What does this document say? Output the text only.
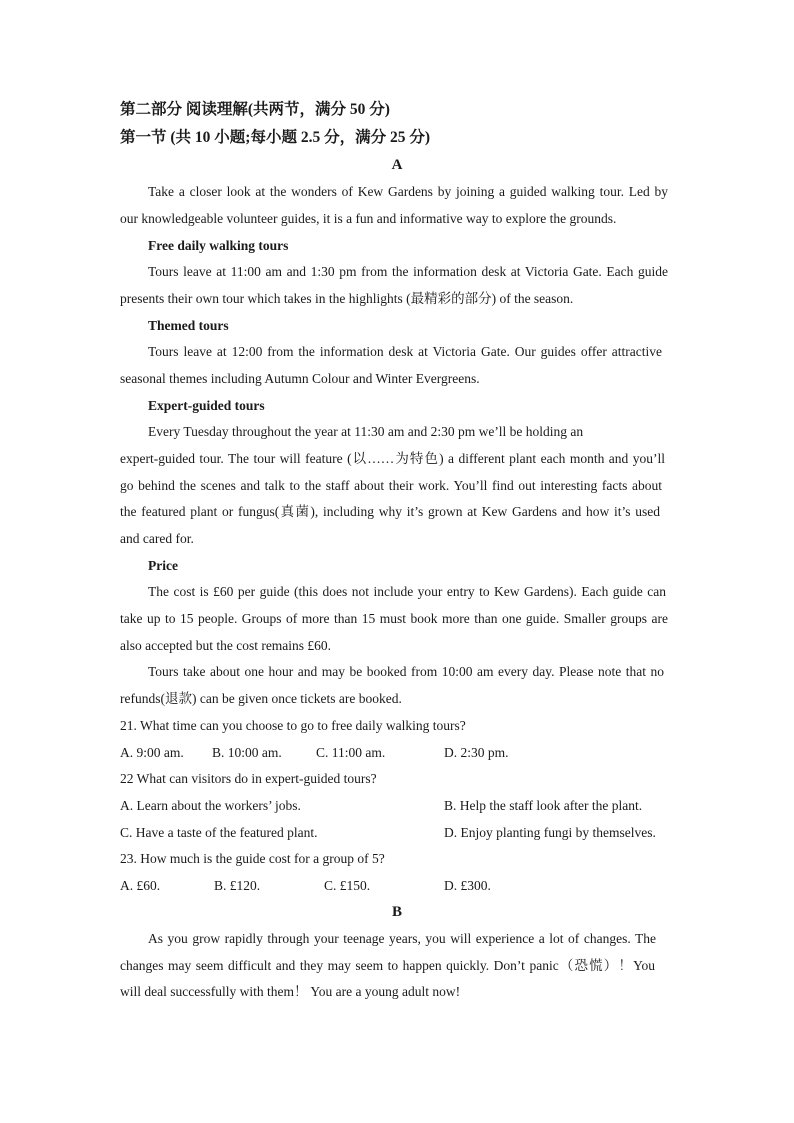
第二部分 阅读理解(共两节，满分 50 分)
第一节 (共 10 小题;每小题 2.5 分，满分 25 分)
A
Take a closer look at the wonders of Kew Gardens by joining a guided walking tour. Led by
our knowledgeable volunteer guides, it is a fun and informative way to explore the grounds.
Free daily walking tours
Tours leave at 11:00 am and 1:30 pm from the information desk at Victoria Gate. Each guide
presents their own tour which takes in the highlights (最精彩的部分) of the season.
Themed tours
Tours leave at 12:00 from the information desk at Victoria Gate. Our guides offer attractive
seasonal themes including Autumn Colour and Winter Evergreens.
Expert-guided tours
Every Tuesday throughout the year at 11:30 am and 2:30 pm we’ll be holding an
expert-guided tour. The tour will feature (以……为特色) a different plant each month and you’ll
go behind the scenes and talk to the staff about their work. You’ll find out interesting facts about
the featured plant or fungus(真菌), including why it’s grown at Kew Gardens and how it’s used
and cared for.
Price
The cost is £60 per guide (this does not include your entry to Kew Gardens). Each guide can
take up to 15 people. Groups of more than 15 must book more than one guide. Smaller groups are
also accepted but the cost remains £60.
Tours take about one hour and may be booked from 10:00 am every day. Please note that no
refunds(退款) can be given once tickets are booked.
21. What time can you choose to go to free daily walking tours?
A. 9:00 am. B. 10:00 am.	C. 11:00 am.	D. 2:30 pm.
22 What can visitors do in expert-guided tours?
A. Learn about the workers’ jobs.	B. Help the staff look after the plant.
C. Have a taste of the featured plant.	D. Enjoy planting fungi by themselves.
23. How much is the guide cost for a group of 5?
A. £60.	B. £120.	C. £150.	D. £300.
B
As you grow rapidly through your teenage years, you will experience a lot of changes. The
changes may seem difficult and they may seem to happen quickly. Don’t panic（恐慌）！You
will deal successfully with them！ You are a young adult now!
